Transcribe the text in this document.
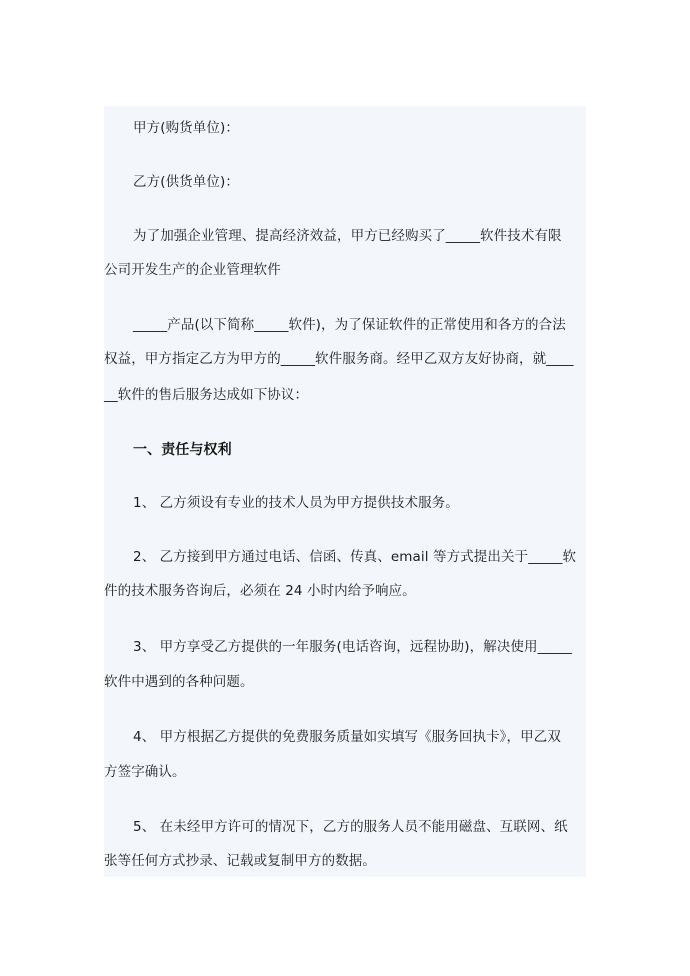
甲方(购货单位)：
乙方(供货单位)：
为了加强企业管理、提高经济效益，甲方已经购买了_____软件技术有限
公司开发生产的企业管理软件
_____产品(以下简称_____软件)，为了保证软件的正常使用和各方的合法
权益，甲方指定乙方为甲方的_____软件服务商。经甲乙双方友好协商，就____
__软件的售后服务达成如下协议：
一、责任与权利
1、 乙方须设有专业的技术人员为甲方提供技术服务。
2、 乙方接到甲方通过电话、信函、传真、email 等方式提出关于_____软
件的技术服务咨询后，必须在 24 小时内给予响应。
3、 甲方享受乙方提供的一年服务(电话咨询，远程协助)，解决使用_____
软件中遇到的各种问题。
4、 甲方根据乙方提供的免费服务质量如实填写《服务回执卡》，甲乙双
方签字确认。
5、 在未经甲方许可的情况下，乙方的服务人员不能用磁盘、互联网、纸
张等任何方式抄录、记载或复制甲方的数据。
